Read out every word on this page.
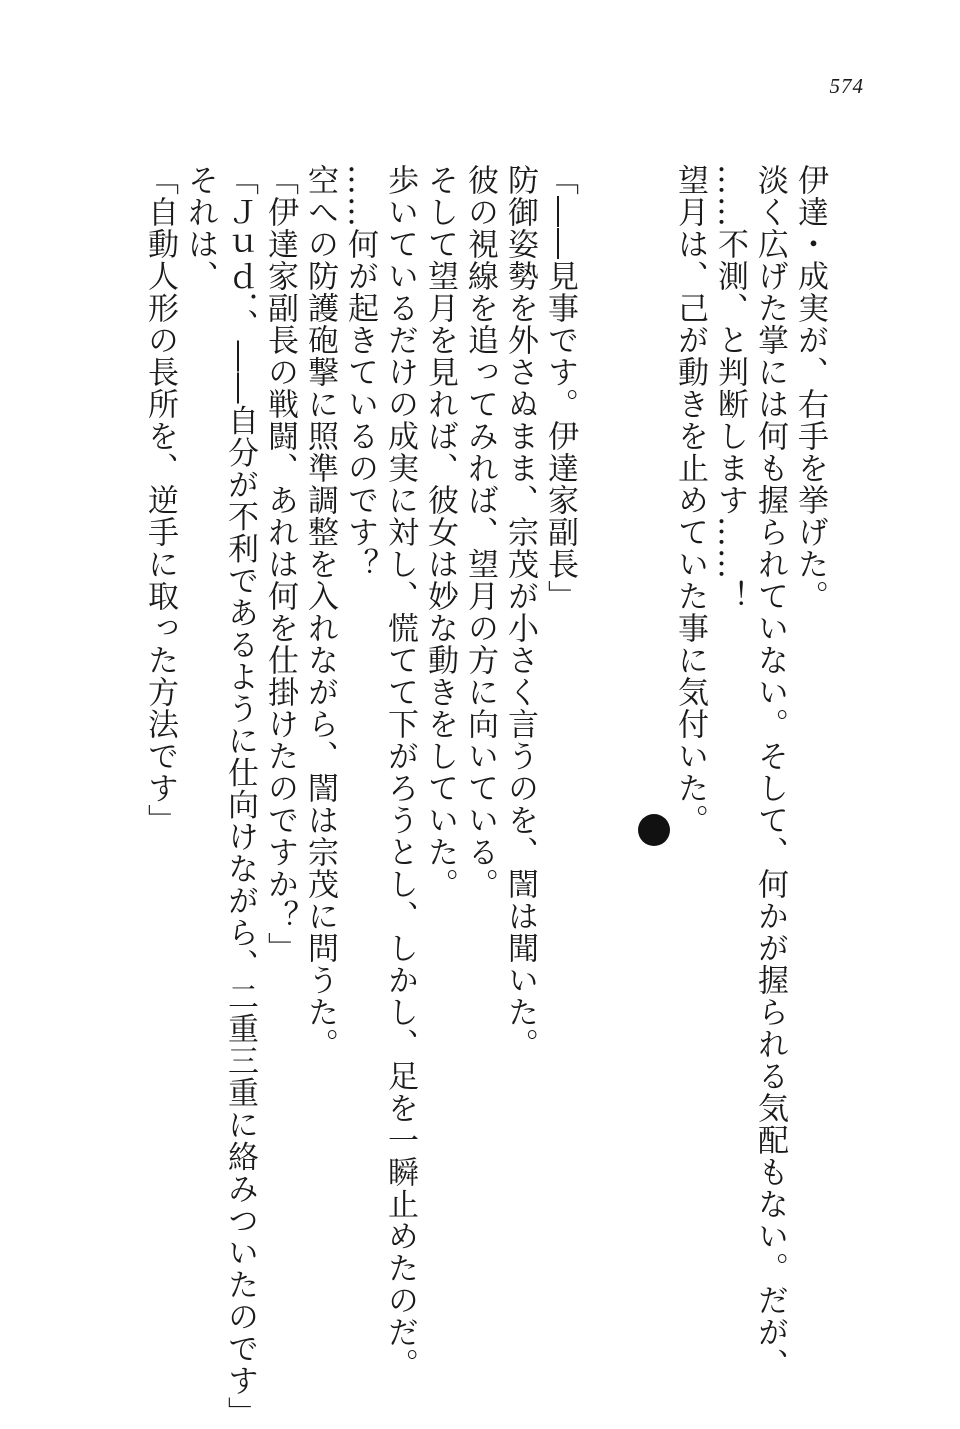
574

伊達・成実が、右手を挙げた。

淡く広げた掌には何も握られていない。そして、何かが握られる気配もない。だが、

……不測、と判断します……！

望月は、己が動きを止めていた事に気付いた。

「――見事です。伊達家副長」

防御姿勢を外さぬまま、宗茂が小さく言うのを、誾は聞いた。

彼の視線を追ってみれば、望月の方に向いている。

そして望月を見れば、彼女は妙な動きをしていた。

歩いているだけの成実に対し、慌てて下がろうとし、しかし、足を一瞬止めたのだ。

……何が起きているのです？

空への防護砲撃に照準調整を入れながら、誾は宗茂に問うた。

「伊達家副長の戦闘、あれは何を仕掛けたのですか？」

「Ｊｕｄ．、――自分が不利であるように仕向けながら、二重三重に絡みついたのです」

それは、

「自動人形の長所を、逆手に取った方法です」
